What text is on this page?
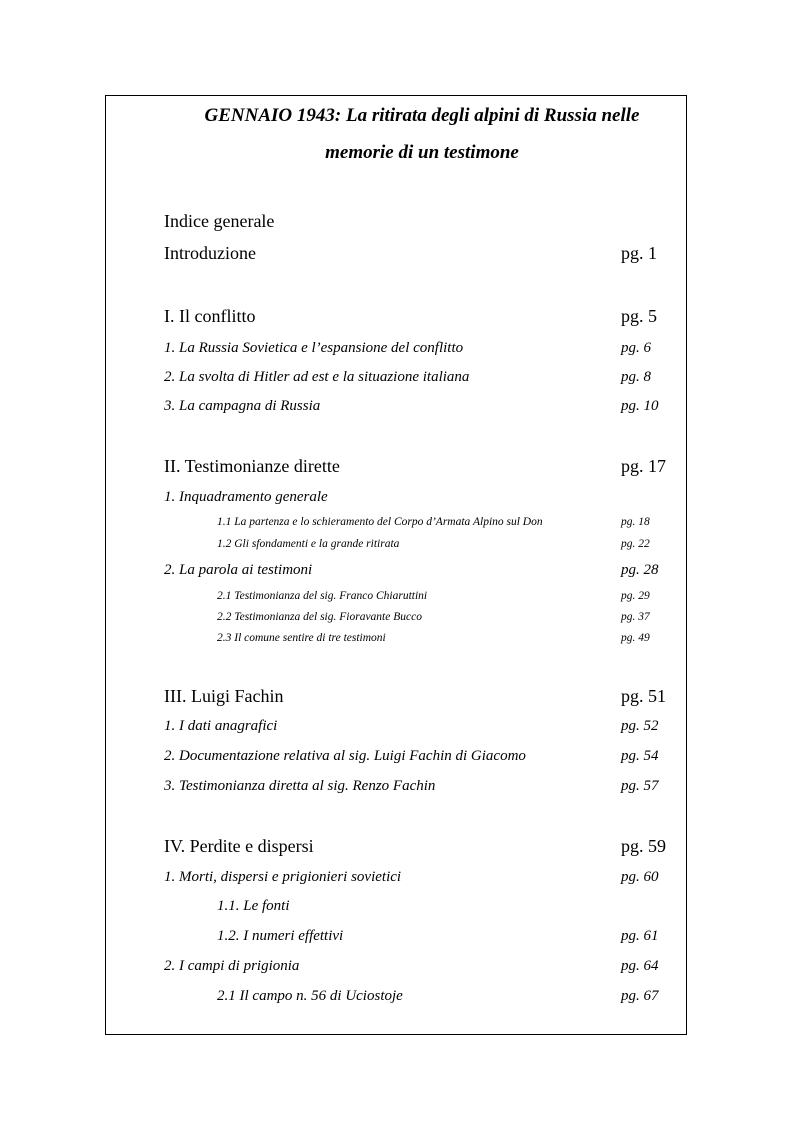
GENNAIO 1943: La ritirata degli alpini di Russia nelle
memorie di un testimone
Indice generale
Introduzione	pg. 1
I. Il conflitto	pg. 5
1. La Russia Sovietica e l’espansione del conflitto	pg. 6
2. La svolta di Hitler ad est e la situazione italiana	pg. 8
3. La campagna di Russia	pg. 10
II. Testimonianze dirette	pg. 17
1. Inquadramento generale
1.1 La partenza e lo schieramento del Corpo d’Armata Alpino sul Don	pg. 18
1.2 Gli sfondamenti e la grande ritirata	pg. 22
2. La parola ai testimoni	pg. 28
2.1 Testimonianza del sig. Franco Chiaruttini	pg. 29
2.2 Testimonianza del sig. Fioravante Bucco	pg. 37
2.3 Il comune sentire di tre testimoni	pg. 49
III. Luigi Fachin	pg. 51
1. I dati anagrafici	pg. 52
2. Documentazione relativa al sig. Luigi Fachin di Giacomo	pg. 54
3. Testimonianza diretta al sig. Renzo Fachin	pg. 57
IV. Perdite e dispersi	pg. 59
1. Morti, dispersi e prigionieri sovietici	pg. 60
1.1. Le fonti
1.2. I numeri effettivi	pg. 61
2. I campi di prigionia	pg. 64
2.1 Il campo n. 56 di Uciostoje	pg. 67
